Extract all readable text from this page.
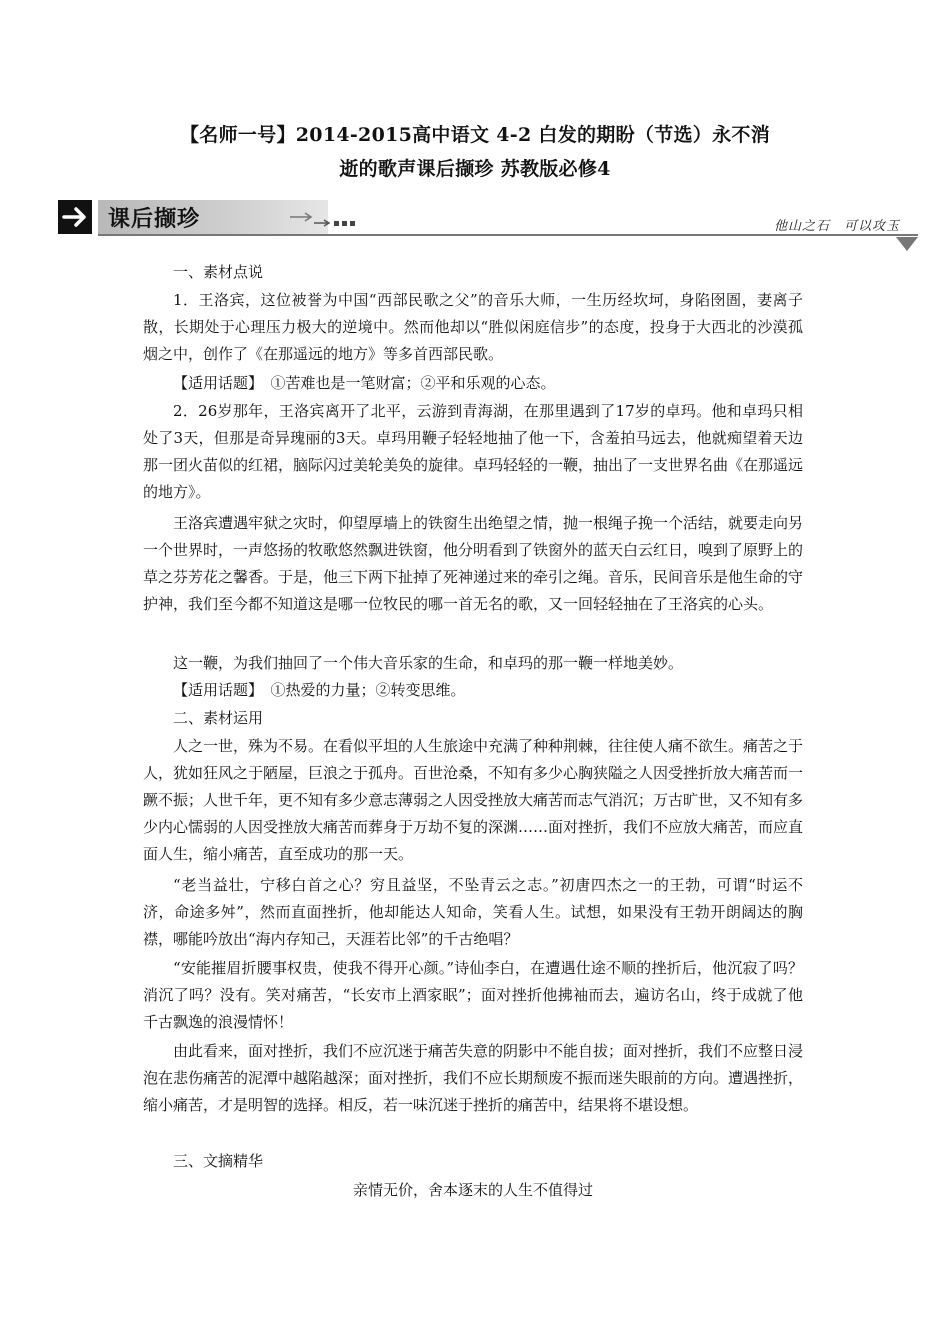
【名师一号】2014-2015高中语文 4-2 白发的期盼（节选）永不消
逝的歌声课后撷珍 苏教版必修4
课后撷珍	他山之石　可以攻玉

一、素材点说

1．王洛宾，这位被誉为中国“西部民歌之父”的音乐大师，一生历经坎坷，身陷囹圄，妻离子散，长期处于心理压力极大的逆境中。然而他却以“胜似闲庭信步”的态度，投身于大西北的沙漠孤烟之中，创作了《在那遥远的地方》等多首西部民歌。

【适用话题】　①苦难也是一笔财富；②平和乐观的心态。

2．26岁那年，王洛宾离开了北平，云游到青海湖，在那里遇到了17岁的卓玛。他和卓玛只相处了3天，但那是奇异瑰丽的3天。卓玛用鞭子轻轻地抽了他一下，含羞拍马远去，他就痴望着天边那一团火苗似的红裙，脑际闪过美轮美奂的旋律。卓玛轻轻的一鞭，抽出了一支世界名曲《在那遥远的地方》。

王洛宾遭遇牢狱之灾时，仰望厚墙上的铁窗生出绝望之情，抛一根绳子挽一个活结，就要走向另一个世界时，一声悠扬的牧歌悠然飘进铁窗，他分明看到了铁窗外的蓝天白云红日，嗅到了原野上的草之芬芳花之馨香。于是，他三下两下扯掉了死神递过来的牵引之绳。音乐，民间音乐是他生命的守护神，我们至今都不知道这是哪一位牧民的哪一首无名的歌，又一回轻轻抽在了王洛宾的心头。

这一鞭，为我们抽回了一个伟大音乐家的生命，和卓玛的那一鞭一样地美妙。

【适用话题】　①热爱的力量；②转变思维。

二、素材运用

人之一世，殊为不易。在看似平坦的人生旅途中充满了种种荆棘，往往使人痛不欲生。痛苦之于人，犹如狂风之于陋屋，巨浪之于孤舟。百世沧桑，不知有多少心胸狭隘之人因受挫折放大痛苦而一蹶不振；人世千年，更不知有多少意志薄弱之人因受挫放大痛苦而志气消沉；万古旷世，又不知有多少内心懦弱的人因受挫放大痛苦而葬身于万劫不复的深渊……面对挫折，我们不应放大痛苦，而应直面人生，缩小痛苦，直至成功的那一天。

“老当益壮，宁移白首之心？穷且益坚，不坠青云之志。”初唐四杰之一的王勃，可谓“时运不济，命途多舛”，然而直面挫折，他却能达人知命，笑看人生。试想，如果没有王勃开朗阔达的胸襟，哪能吟放出“海内存知己，天涯若比邻”的千古绝唱？

“安能摧眉折腰事权贵，使我不得开心颜。”诗仙李白，在遭遇仕途不顺的挫折后，他沉寂了吗？消沉了吗？没有。笑对痛苦，“长安市上酒家眠”；面对挫折他拂袖而去，遍访名山，终于成就了他千古飘逸的浪漫情怀！

由此看来，面对挫折，我们不应沉迷于痛苦失意的阴影中不能自拔；面对挫折，我们不应整日浸泡在悲伤痛苦的泥潭中越陷越深；面对挫折，我们不应长期颓废不振而迷失眼前的方向。遭遇挫折，缩小痛苦，才是明智的选择。相反，若一味沉迷于挫折的痛苦中，结果将不堪设想。

三、文摘精华

亲情无价，舍本逐末的人生不值得过
